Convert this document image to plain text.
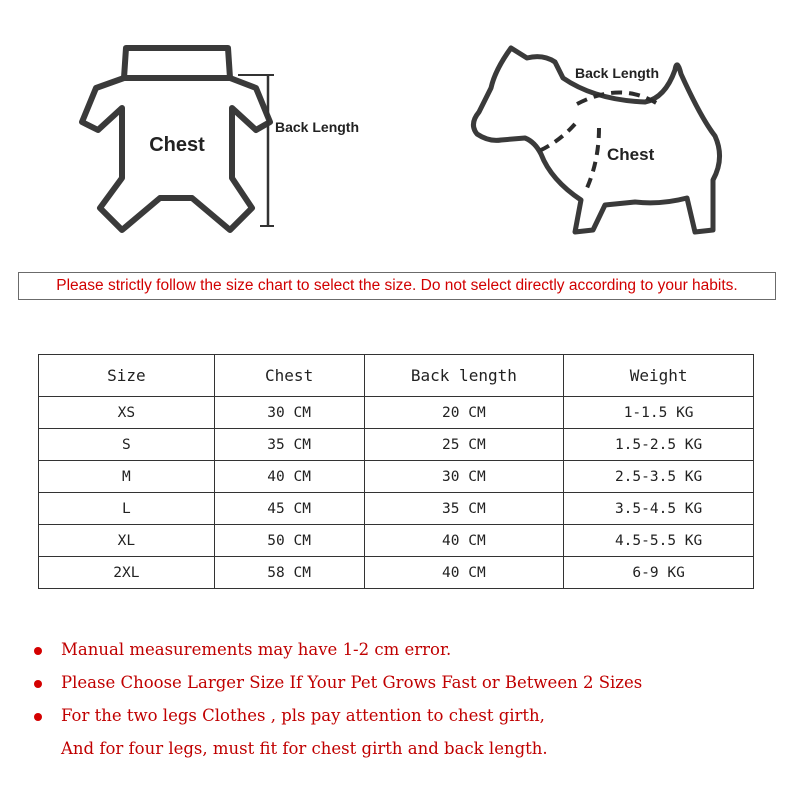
Chest
Back Length
Back Length
Chest
Please strictly follow the size chart to select the size. Do not select directly according to your habits.
Size	Chest	Back length	Weight
XS	30 CM	20 CM	1-1.5 KG
S	35 CM	25 CM	1.5-2.5 KG
M	40 CM	30 CM	2.5-3.5 KG
L	45 CM	35 CM	3.5-4.5 KG
XL	50 CM	40 CM	4.5-5.5 KG
2XL	58 CM	40 CM	6-9 KG
Manual measurements may have 1-2 cm error.
Please Choose Larger Size If Your Pet Grows Fast or Between 2 Sizes
For the two legs Clothes , pls pay attention to chest girth,
And for four legs, must fit for chest girth and back length.
